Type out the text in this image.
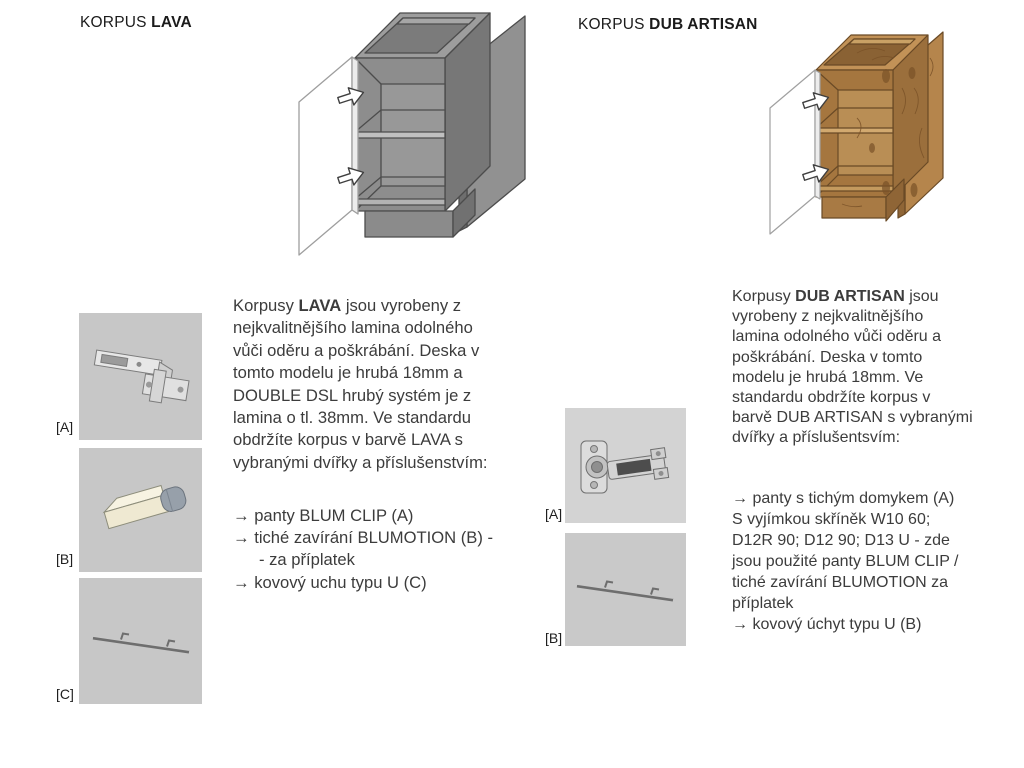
KORPUS LAVA
Korpusy LAVA jsou vyrobeny z
nejkvalitnějšího lamina odolného
vůči oděru a poškrábání. Deska v
tomto modelu je hrubá 18mm a
DOUBLE DSL hrubý systém je z
lamina o tl. 38mm. Ve standardu
obdržíte korpus v barvě LAVA s
vybranými dvířky a příslušenstvím:
→ panty BLUM CLIP (A)
→ tiché zavírání BLUMOTION (B) -
- za příplatek
→ kovový uchu typu U (C)
[A]
[B]
[C]
KORPUS DUB ARTISAN
Korpusy DUB ARTISAN jsou
vyrobeny z nejkvalitnějšího
lamina odolného vůči oděru a
poškrábání. Deska v tomto
modelu je hrubá 18mm. Ve
standardu obdržíte korpus v
barvě DUB ARTISAN s vybranými
dvířky a příslušentsvím:
→ panty s tichým domykem (A)
S vyjímkou skříněk W10 60;
D12R 90; D12 90; D13 U - zde
jsou použité panty BLUM CLIP /
tiché zavírání BLUMOTION za
příplatek
→ kovový úchyt typu U (B)
[A]
[B]
